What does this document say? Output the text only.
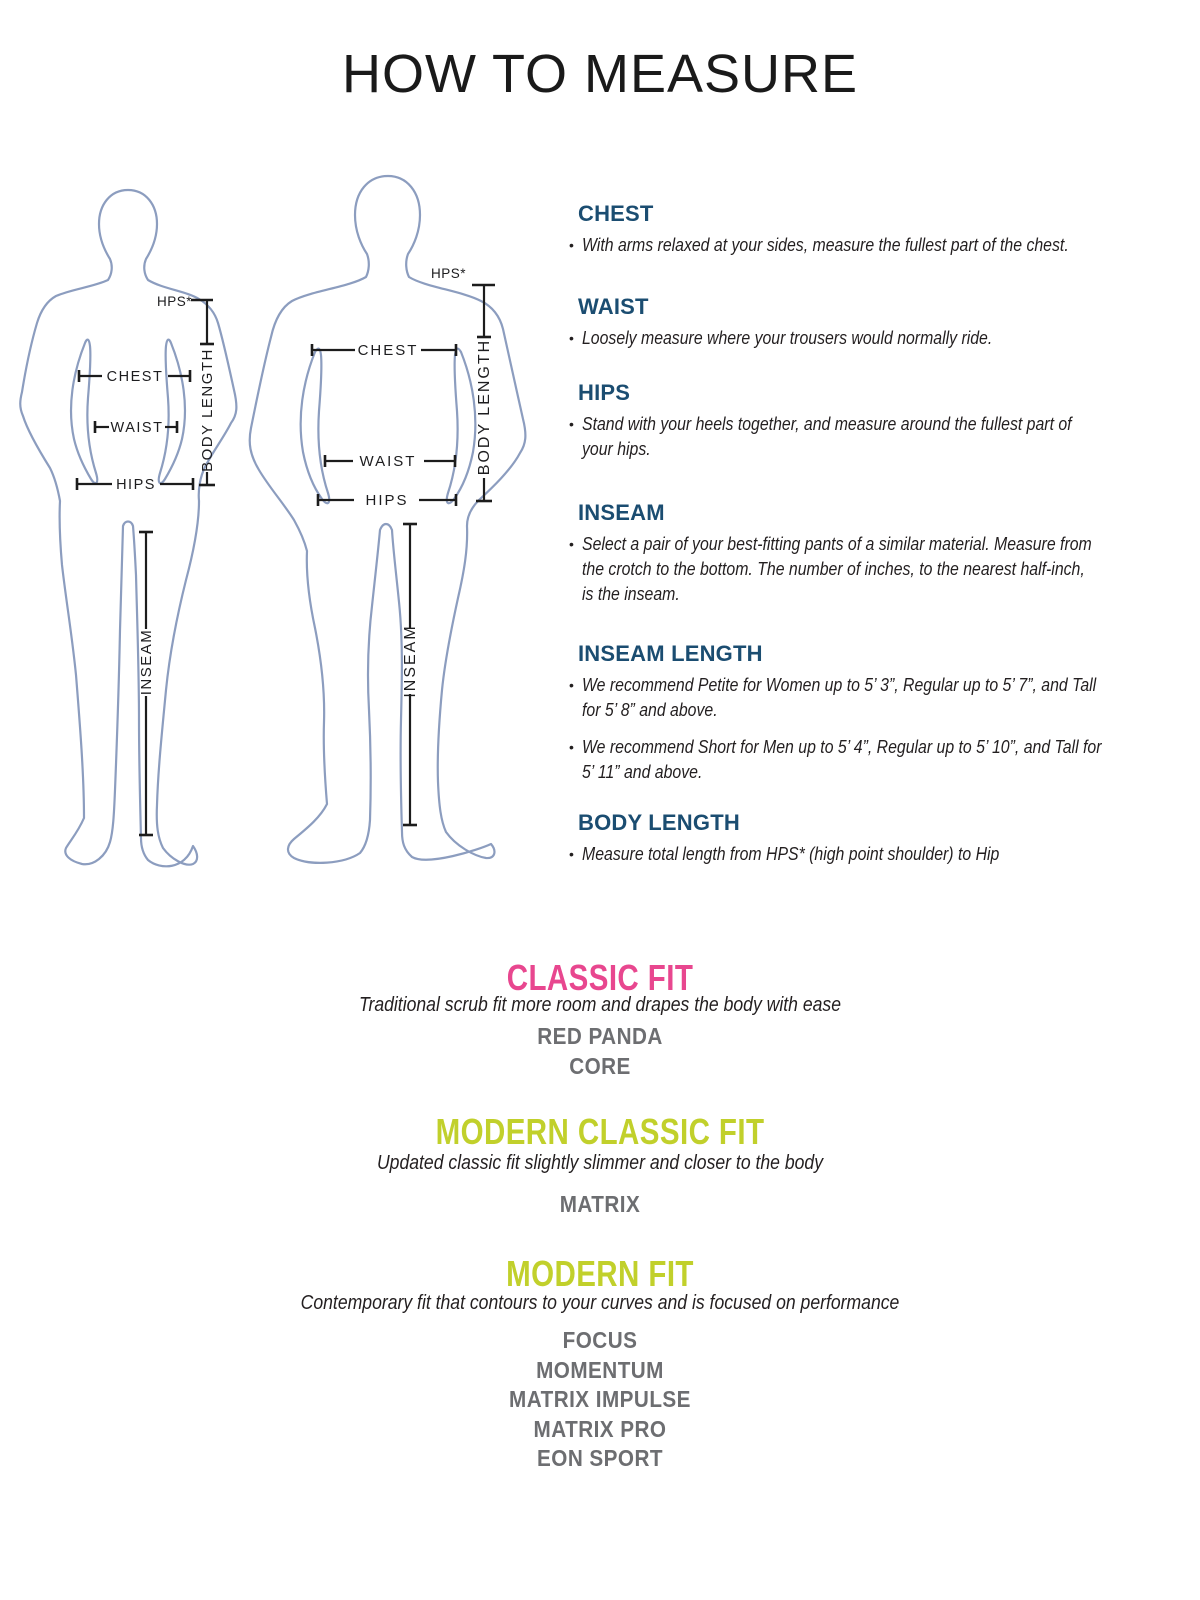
HOW TO MEASURE
HPS*
BODY LENGTH
CHEST
WAIST
HIPS
INSEAM
HPS*
BODY LENGTH
CHEST
WAIST
HIPS
INSEAM
CHEST
• With arms relaxed at your sides, measure the fullest part of the chest.
WAIST
• Loosely measure where your trousers would normally ride.
HIPS
• Stand with your heels together, and measure around the fullest part of
your hips.
INSEAM
• Select a pair of your best-fitting pants of a similar material. Measure from
the crotch to the bottom. The number of inches, to the nearest half-inch,
is the inseam.
INSEAM LENGTH
• We recommend Petite for Women up to 5’ 3”, Regular up to 5’ 7”, and Tall
for 5’ 8” and above.
• We recommend Short for Men up to 5’ 4”, Regular up to 5’ 10”, and Tall for
5’ 11” and above.
BODY LENGTH
• Measure total length from HPS* (high point shoulder) to Hip
CLASSIC FIT
Traditional scrub fit more room and drapes the body with ease
RED PANDA
CORE
MODERN CLASSIC FIT
Updated classic fit slightly slimmer and closer to the body
MATRIX
MODERN FIT
Contemporary fit that contours to your curves and is focused on performance
FOCUS
MOMENTUM
MATRIX IMPULSE
MATRIX PRO
EON SPORT
